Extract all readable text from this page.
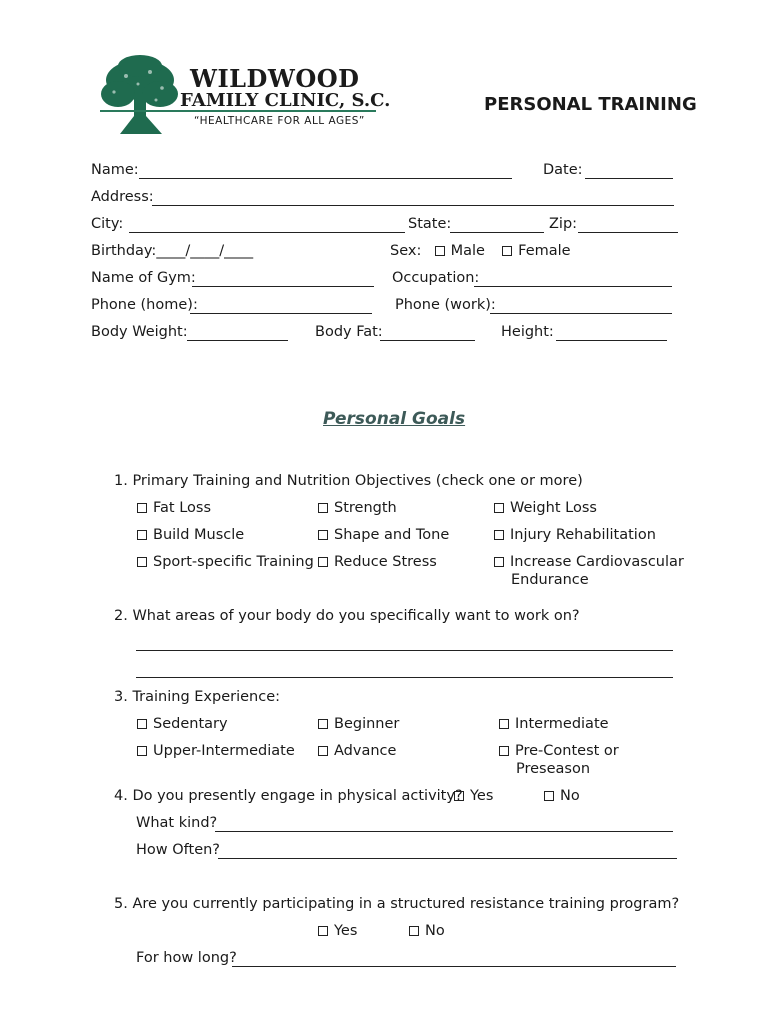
WILDWOOD
FAMILY CLINIC, S.C.
“HEALTHCARE FOR ALL AGES”
PERSONAL TRAINING
Name:	Date:
Address:
City:	State:	Zip:
Birthday:____/____/____	Sex: Male Female
Name of Gym:	Occupation:
Phone (home):	Phone (work):
Body Weight:	Body Fat:	Height:
Personal Goals
1. Primary Training and Nutrition Objectives (check one or more)
Fat Loss	Strength	Weight Loss
Build Muscle	Shape and Tone	Injury Rehabilitation
Sport-specific Training	Reduce Stress	Increase Cardiovascular
Endurance
2. What areas of your body do you specifically want to work on?
3. Training Experience:
Sedentary	Beginner	Intermediate
Upper-Intermediate	Advance	Pre-Contest or
Preseason
4. Do you presently engage in physical activity? Yes	No
What kind?
How Often?
5. Are you currently participating in a structured resistance training program?
Yes	No
For how long?
